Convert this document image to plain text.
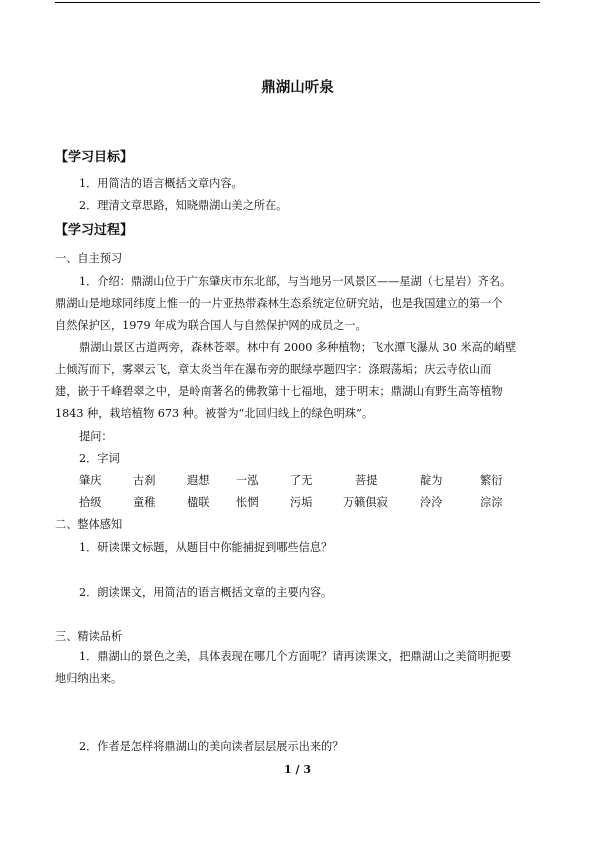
鼎湖山听泉
【学习目标】
1．用简洁的语言概括文章内容。
2．理清文章思路，知晓鼎湖山美之所在。
【学习过程】
一、自主预习
1．介绍：鼎湖山位于广东肇庆市东北部，与当地另一风景区——星湖（七星岩）齐名。
鼎湖山是地球同纬度上惟一的一片亚热带森林生态系统定位研究站，也是我国建立的第一个
自然保护区，1979 年成为联合国人与自然保护网的成员之一。
鼎湖山景区古道两旁，森林苍翠。林中有 2000 多种植物；飞水潭飞瀑从 30 米高的峭壁
上倾泻而下，雾翠云飞，章太炎当年在瀑布旁的眠绿亭题四字：涤瑕荡垢；庆云寺依山而
建，嵌于千峰碧翠之中，是岭南著名的佛教第十七福地，建于明末；鼎湖山有野生高等植物
1843 种，栽培植物 673 种。被誉为“北回归线上的绿色明珠”。
提问：
2．字词
肇庆	古刹	遐想 一泓	了无	菩提	靛为	繁衍
拾级	童稚	楹联 怅惘	污垢	万籁俱寂	泠泠	淙淙
二、整体感知
1．研读课文标题，从题目中你能捕捉到哪些信息？
2．朗读课文，用简洁的语言概括文章的主要内容。
三、精读品析
1．鼎湖山的景色之美，具体表现在哪几个方面呢？请再读课文，把鼎湖山之美简明扼要
地归纳出来。
2．作者是怎样将鼎湖山的美向读者层层展示出来的？
1 / 3
